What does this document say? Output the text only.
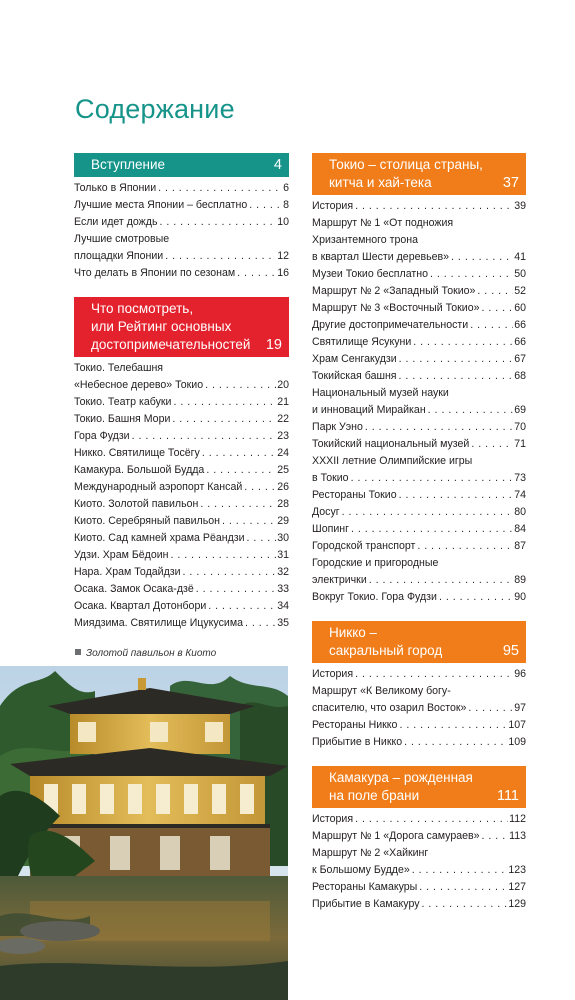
Содержание
Вступление	4
Только в Японии . . .	6
Лучшие места Японии – бесплатно . . .	8
Если идет дождь . . .	10
Лучшие смотровые
площадки Японии . . .	12
Что делать в Японии по сезонам . . .	16
Что посмотреть,
или Рейтинг основных
достопримечательностей	19
Токио. Телебашня
«Небесное дерево» Токио . . .	20
Токио. Театр кабуки . . .	21
Токио. Башня Мори . . .	22
Гора Фудзи . . .	23
Никко. Святилище Тосёгу . . .	24
Камакура. Большой Будда . . .	25
Международный аэропорт Кансай . . .	26
Киото. Золотой павильон . . .	28
Киото. Серебряный павильон . . .	29
Киото. Сад камней храма Рёандзи . . .	30
Удзи. Храм Бёдоин . . .	31
Нара. Храм Тодайдзи . . .	32
Осака. Замок Осака-дзё . . .	33
Осака. Квартал Дотонбори . . .	34
Миядзима. Святилище Ицукусима . . .	35
Золотой павильон в Киото
Токио – столица страны,
китча и хай-тека	37
История . . .	39
Маршрут № 1 «От подножия
Хризантемного трона
в квартал Шести деревьев» . . .	41
Музеи Токио бесплатно . . .	50
Маршрут № 2 «Западный Токио» . . .	52
Маршрут № 3 «Восточный Токио» . . .	60
Другие достопримечательности . . .	66
Святилище Ясукуни . . .	66
Храм Сенгакудзи . . .	67
Токийская башня . . .	68
Национальный музей науки
и инноваций Мирайкан . . .	69
Парк Уэно . . .	70
Токийский национальный музей . . .	71
XXXII летние Олимпийские игры
в Токио . . .	73
Рестораны Токио . . .	74
Досуг . . .	80
Шопинг . . .	84
Городской транспорт . . .	87
Городские и пригородные
электрички . . .	89
Вокруг Токио. Гора Фудзи . . .	90
Никко –
сакральный город	95
История . . .	96
Маршрут «К Великому богу-
спасителю, что озарил Восток» . . .	97
Рестораны Никко . . .	107
Прибытие в Никко . . .	109
Камакура – рожденная
на поле брани	111
История . . .	112
Маршрут № 1 «Дорога самураев» . . .	113
Маршрут № 2 «Хайкинг
к Большому Будде» . . .	123
Рестораны Камакуры . . .	127
Прибытие в Камакуру . . .	129
